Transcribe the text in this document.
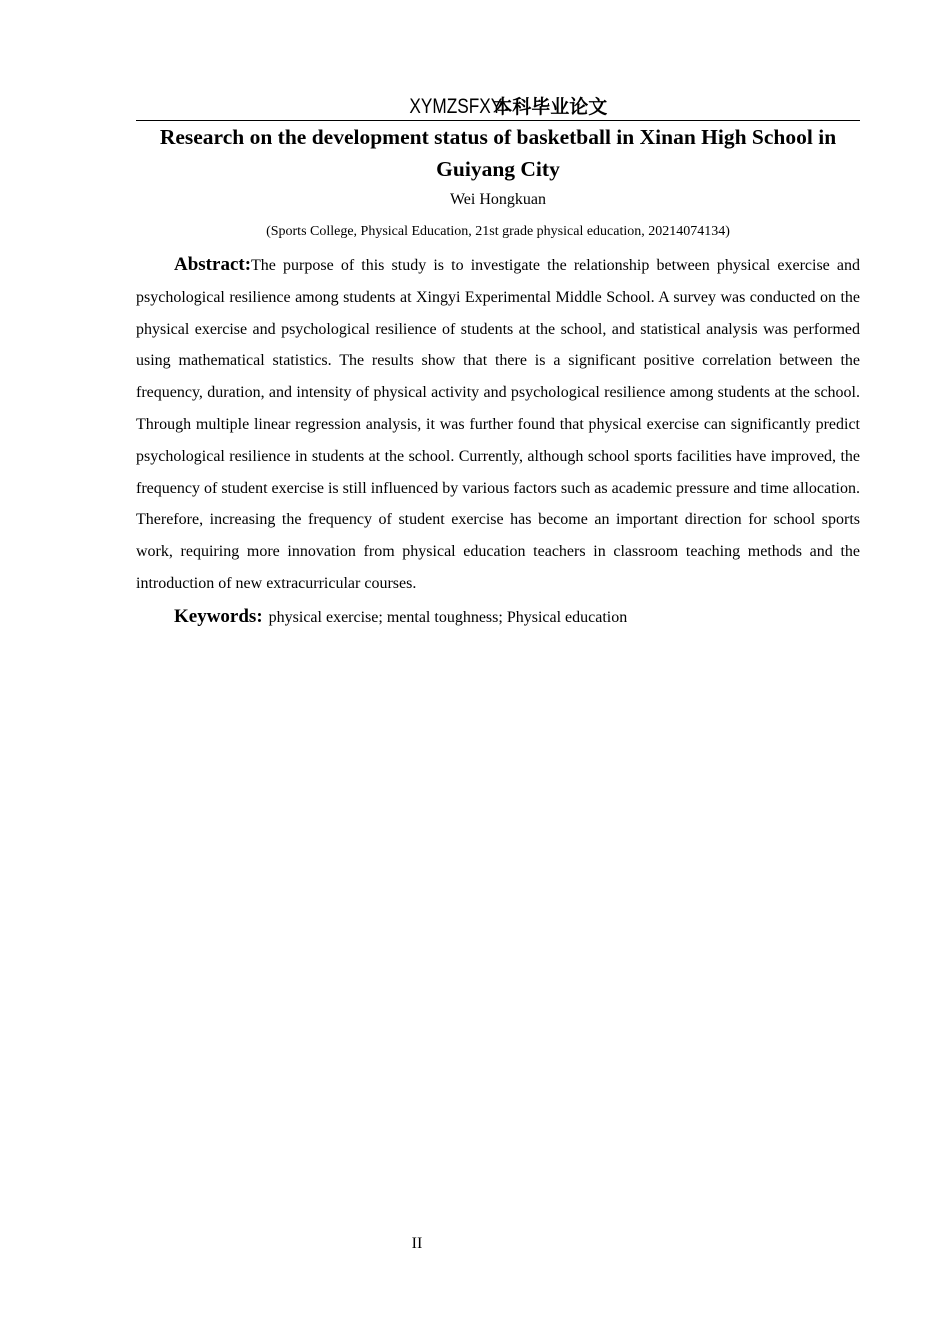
XYMZSFXY 本科毕业论文
Research on the development status of basketball in Xinan High School in Guiyang City
Wei Hongkuan
(Sports College, Physical Education, 21st grade physical education, 20214074134)

Abstract:The purpose of this study is to investigate the relationship between physical exercise and psychological resilience among students at Xingyi Experimental Middle School. A survey was conducted on the physical exercise and psychological resilience of students at the school, and statistical analysis was performed using mathematical statistics. The results show that there is a significant positive correlation between the frequency, duration, and intensity of physical activity and psychological resilience among students at the school. Through multiple linear regression analysis, it was further found that physical exercise can significantly predict psychological resilience in students at the school. Currently, although school sports facilities have improved, the frequency of student exercise is still influenced by various factors such as academic pressure and time allocation. Therefore, increasing the frequency of student exercise has become an important direction for school sports work, requiring more innovation from physical education teachers in classroom teaching methods and the introduction of new extracurricular courses.

Keywords: physical exercise; mental toughness; Physical education

II
